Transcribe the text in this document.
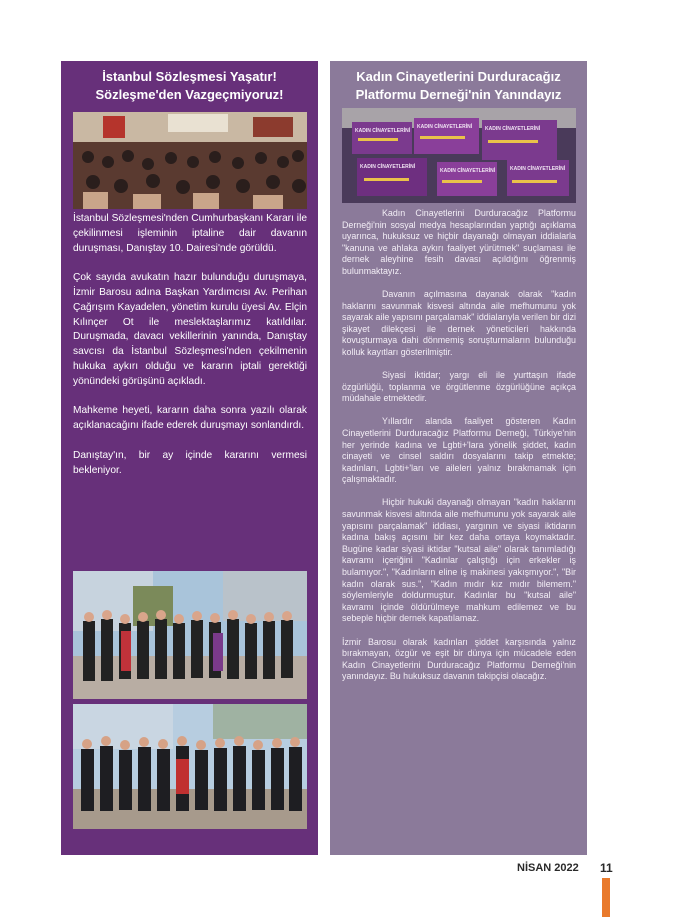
İstanbul Sözleşmesi Yaşatır! Sözleşme'den Vazgeçmiyoruz!

İstanbul Sözleşmesi'nden Cumhurbaşkanı Kararı ile çekilinmesi işleminin iptaline dair davanın duruşması, Danıştay 10. Dairesi'nde görüldü.

Çok sayıda avukatın hazır bulunduğu duruşmaya, İzmir Barosu adına Başkan Yardımcısı Av. Perihan Çağrışım Kayadelen, yönetim kurulu üyesi Av. Elçin Kılınçer Ot ile meslektaşlarımız katıldılar. Duruşmada, davacı vekillerinin yanında, Danıştay savcısı da İstanbul Sözleşmesi'nden çekilmenin hukuka aykırı olduğu ve kararın iptali gerektiği yönündeki görüşünü açıkladı.

Mahkeme heyeti, kararın daha sonra yazılı olarak açıklanacağını ifade ederek duruşmayı sonlandırdı.

Danıştay'ın, bir ay içinde kararını vermesi bekleniyor.

Kadın Cinayetlerini Durduracağız Platformu Derneği'nin Yanındayız
KADIN CİNAYETLERİNİ
KADIN CİNAYETLERİNİ	KADIN CİNAYETLERİNİ
KADIN CİNAYETLERİNİ
KADIN CİNAYETLERİNİ	KADIN CİNAYETLERİNİ

Kadın Cinayetlerini Durduracağız Platformu Derneği'nin sosyal medya hesaplarından yaptığı açıklama uyarınca, hukuksuz ve hiçbir dayanağı olmayan iddialarla "kanuna ve ahlaka aykırı faaliyet yürütmek" suçlaması ile dernek aleyhine fesih davası açıldığını öğrenmiş bulunmaktayız.

Davanın açılmasına dayanak olarak "kadın haklarını savunmak kisvesi altında aile mefhumunu yok sayarak aile yapısını parçalamak" iddialarıyla verilen bir dizi şikayet dilekçesi ile dernek yöneticileri hakkında kovuşturmaya dahi dönmemiş soruşturmaların bulunduğu kolluk kayıtları gösterilmiştir.

Siyasi iktidar; yargı eli ile yurttaşın ifade özgürlüğü, toplanma ve örgütlenme özgürlüğüne açıkça müdahale etmektedir.

Yıllardır alanda faaliyet gösteren Kadın Cinayetlerini Durduracağız Platformu Derneği, Türkiye'nin her yerinde kadına ve Lgbti+'lara yönelik şiddet, kadın cinayeti ve cinsel saldırı dosyalarını takip etmekte; kadınları, Lgbti+'ları ve aileleri yalnız bırakmamak için çalışmaktadır.

Hiçbir hukuki dayanağı olmayan "kadın haklarını savunmak kisvesi altında aile mefhumunu yok sayarak aile yapısını parçalamak" iddiası, yargının ve siyasi iktidarın kadına bakış açısını bir kez daha ortaya koymaktadır. Bugüne kadar siyasi iktidar "kutsal aile" olarak tanımladığı kavramı içeriğini "Kadınlar çalıştığı için erkekler iş bulamıyor.", "Kadınların eline iş makinesi yakışmıyor.", "Bir kadın olarak sus.", "Kadın mıdır kız mıdır bilemem." söylemleriyle doldurmuştur. Kadınlar bu "kutsal aile" kavramı içinde öldürülmeye mahkum edilemez ve bu sebeple hiçbir dernek kapatılamaz.

İzmir Barosu olarak kadınları şiddet karşısında yalnız bırakmayan, özgür ve eşit bir dünya için mücadele eden Kadın Cinayetlerini Durduracağız Platformu Derneği'nin yanındayız. Bu hukuksuz davanın takipçisi olacağız.

NİSAN 2022 11
